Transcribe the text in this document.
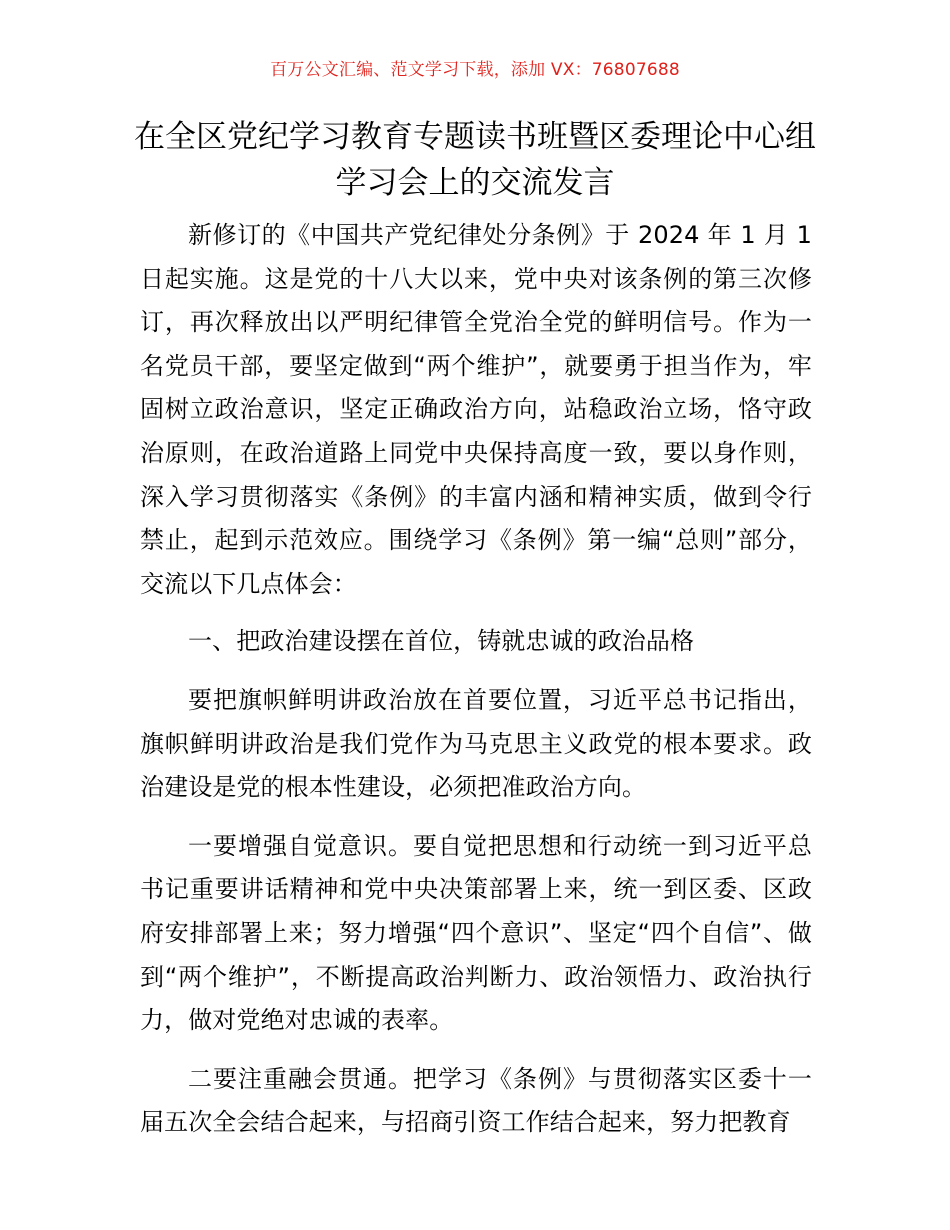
百万公文汇编、范文学习下载，添加 VX：76807688
在全区党纪学习教育专题读书班暨区委理论中心组学习会上的交流发言

新修订的《中国共产党纪律处分条例》于 2024 年 1 月 1 日起实施。这是党的十八大以来，党中央对该条例的第三次修订，再次释放出以严明纪律管全党治全党的鲜明信号。作为一名党员干部，要坚定做到“两个维护”，就要勇于担当作为，牢固树立政治意识，坚定正确政治方向，站稳政治立场，恪守政治原则，在政治道路上同党中央保持高度一致，要以身作则，深入学习贯彻落实《条例》的丰富内涵和精神实质，做到令行禁止，起到示范效应。围绕学习《条例》第一编“总则”部分，交流以下几点体会：

一、把政治建设摆在首位，铸就忠诚的政治品格

要把旗帜鲜明讲政治放在首要位置，习近平总书记指出，旗帜鲜明讲政治是我们党作为马克思主义政党的根本要求。政治建设是党的根本性建设，必须把准政治方向。

一要增强自觉意识。要自觉把思想和行动统一到习近平总书记重要讲话精神和党中央决策部署上来，统一到区委、区政府安排部署上来；努力增强“四个意识”、坚定“四个自信”、做到“两个维护”，不断提高政治判断力、政治领悟力、政治执行力，做对党绝对忠诚的表率。

二要注重融会贯通。把学习《条例》与贯彻落实区委十一届五次全会结合起来，与招商引资工作结合起来，努力把教育
